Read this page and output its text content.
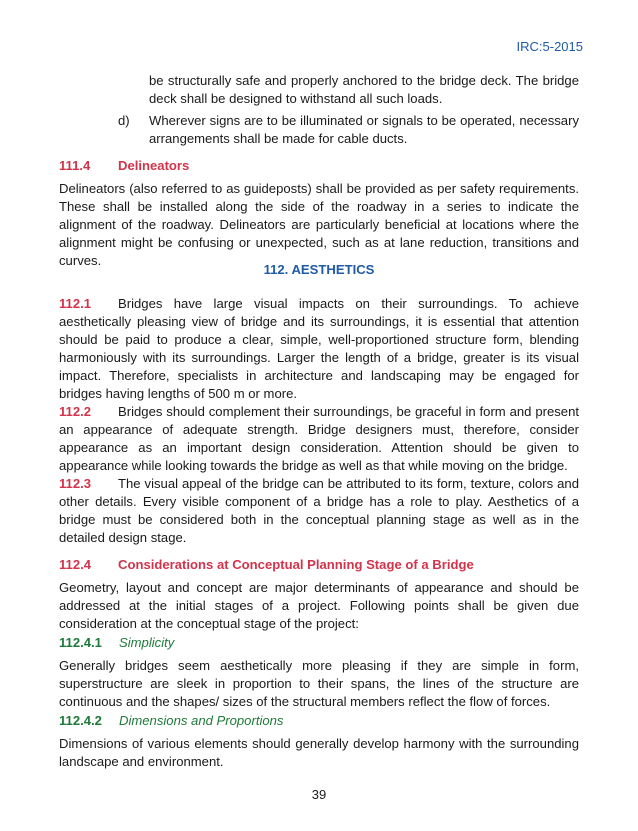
IRC:5-2015

be structurally safe and properly anchored to the bridge deck. The bridge deck shall be designed to withstand all such loads.

d) Wherever signs are to be illuminated or signals to be operated, necessary arrangements shall be made for cable ducts.

111.4 Delineators

Delineators (also referred to as guideposts) shall be provided as per safety requirements. These shall be installed along the side of the roadway in a series to indicate the alignment of the roadway. Delineators are particularly beneficial at locations where the alignment might be confusing or unexpected, such as at lane reduction, transitions and curves.

112. AESTHETICS

112.1 Bridges have large visual impacts on their surroundings. To achieve aesthetically pleasing view of bridge and its surroundings, it is essential that attention should be paid to produce a clear, simple, well-proportioned structure form, blending harmoniously with its surroundings. Larger the length of a bridge, greater is its visual impact. Therefore, specialists in architecture and landscaping may be engaged for bridges having lengths of 500 m or more.

112.2 Bridges should complement their surroundings, be graceful in form and present an appearance of adequate strength. Bridge designers must, therefore, consider appearance as an important design consideration. Attention should be given to appearance while looking towards the bridge as well as that while moving on the bridge.

112.3 The visual appeal of the bridge can be attributed to its form, texture, colors and other details. Every visible component of a bridge has a role to play. Aesthetics of a bridge must be considered both in the conceptual planning stage as well as in the detailed design stage.

112.4 Considerations at Conceptual Planning Stage of a Bridge

Geometry, layout and concept are major determinants of appearance and should be addressed at the initial stages of a project. Following points shall be given due consideration at the conceptual stage of the project:

112.4.1 Simplicity

Generally bridges seem aesthetically more pleasing if they are simple in form, superstructure are sleek in proportion to their spans, the lines of the structure are continuous and the shapes/ sizes of the structural members reflect the flow of forces.

112.4.2 Dimensions and Proportions

Dimensions of various elements should generally develop harmony with the surrounding landscape and environment.

39
